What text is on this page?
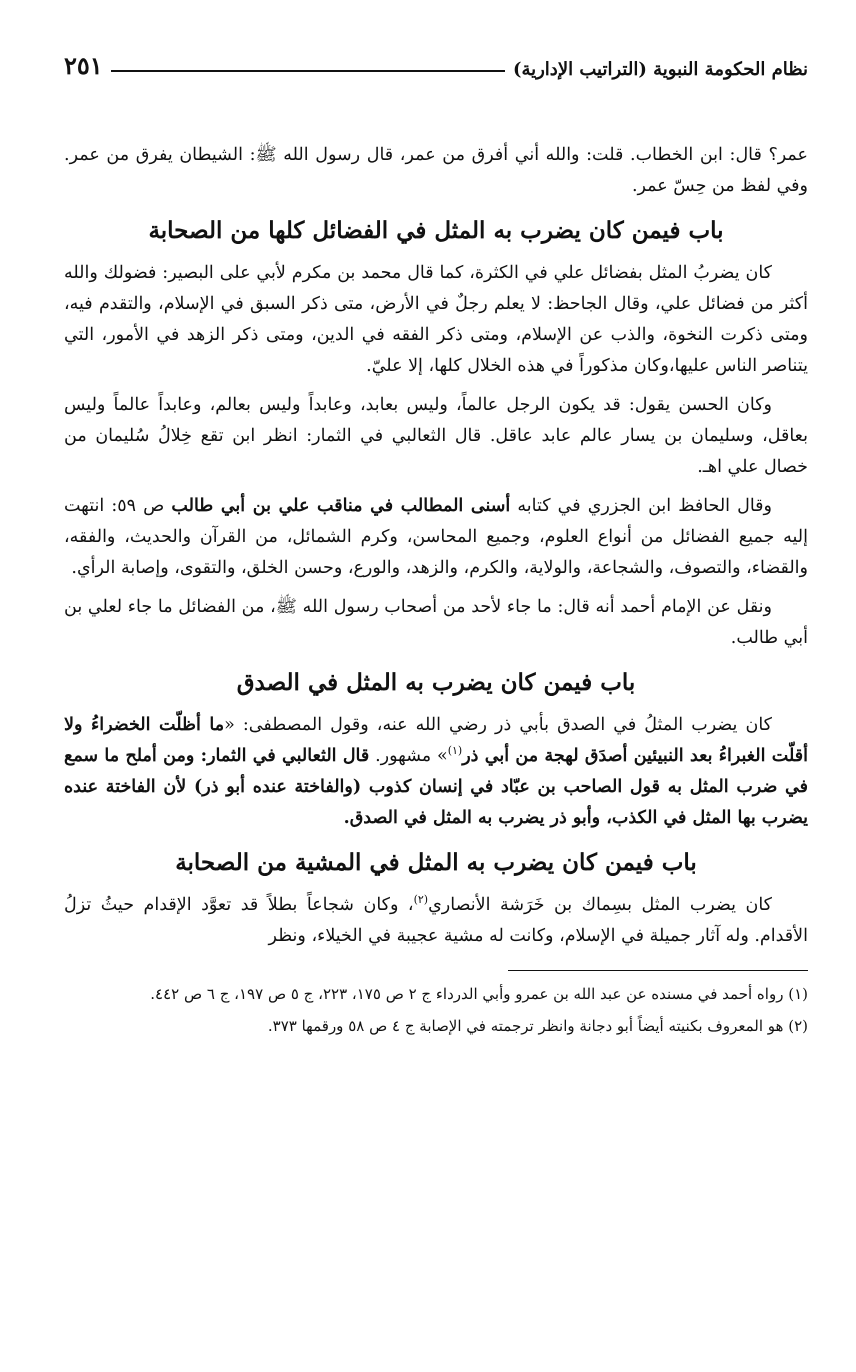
نظام الحكومة النبوية (التراتيب الإدارية)
٢٥١

عمر؟ قال: ابن الخطاب. قلت: والله أني أفرق من عمر، قال رسول الله ﷺ: الشيطان يفرق من عمر. وفي لفظ من حِسّ عمر.

باب فيمن كان يضرب به المثل في الفضائل كلها من الصحابة

كان يضربُ المثل بفضائل علي في الكثرة، كما قال محمد بن مكرم لأبي على البصير: فضولك والله أكثر من فضائل علي، وقال الجاحظ: لا يعلم رجلٌ في الأرض، متى ذكر السبق في الإسلام، والتقدم فيه، ومتى ذكرت النخوة، والذب عن الإسلام، ومتى ذكر الفقه في الدين، ومتى ذكر الزهد في الأمور، التي يتناصر الناس عليها،وكان مذكوراً في هذه الخلال كلها، إلا عليّ.

وكان الحسن يقول: قد يكون الرجل عالماً، وليس بعابد، وعابداً وليس بعالم، وعابداً عالماً وليس بعاقل، وسليمان بن يسار عالم عابد عاقل. قال الثعالبي في الثمار: انظر ابن تقع خِلالُ سُليمان من خصال علي اهـ.

وقال الحافظ ابن الجزري في كتابه أسنى المطالب في مناقب علي بن أبي طالب ص ٥٩: انتهت إليه جميع الفضائل من أنواع العلوم، وجميع المحاسن، وكرم الشمائل، من القرآن والحديث، والفقه، والقضاء، والتصوف، والشجاعة، والولاية، والكرم، والزهد، والورع، وحسن الخلق، والتقوى، وإصابة الرأي.

ونقل عن الإمام أحمد أنه قال: ما جاء لأحد من أصحاب رسول الله ﷺ، من الفضائل ما جاء لعلي بن أبي طالب.

باب فيمن كان يضرب به المثل في الصدق

كان يضرب المثلُ في الصدق بأبي ذر رضي الله عنه، وقول المصطفى: «ما أظلّت الخضراءُ ولا أقلّت الغبراءُ بعد النبيئين أصدَق لهجة من أبي ذر$^{(١)}$» مشهور. قال الثعالبي في الثمار: ومن أملح ما سمع في ضرب المثل به قول الصاحب بن عبّاد في إنسان كذوب (والفاختة عنده أبو ذر) لأن الفاختة عنده يضرب بها المثل في الكذب، وأبو ذر يضرب به المثل في الصدق.

باب فيمن كان يضرب به المثل في المشية من الصحابة

كان يضرب المثل بسِماك بن خَرَشة الأنصاري$^{(٢)}$، وكان شجاعاً بطلاً قد تعوَّد الإقدام حيثُ تزلُ الأقدام. وله آثار جميلة في الإسلام، وكانت له مشية عجيبة في الخيلاء، ونظر

(١) رواه أحمد في مسنده عن عبد الله بن عمرو وأبي الدرداء ج ٢ ص ١٧٥، ٢٢٣، ج ٥ ص ١٩٧، ج ٦ ص ٤٤٢.

(٢) هو المعروف بكنيته أيضاً أبو دجانة وانظر ترجمته في الإصابة ج ٤ ص ٥٨ ورقمها ٣٧٣.
